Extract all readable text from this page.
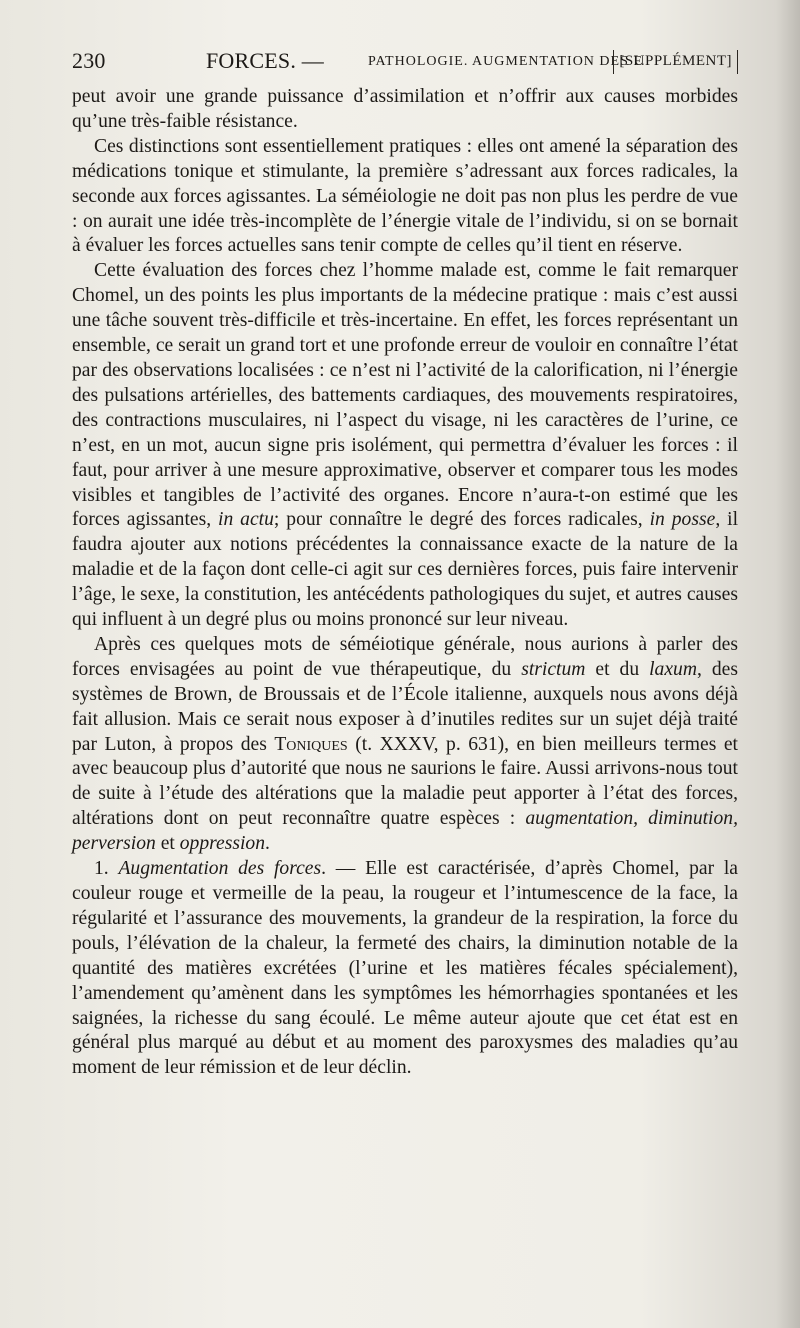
230	FORCES. —	PATHOLOGIE. AUGMENTATION DES F.
[SUPPLÉMENT]

peut avoir une grande puissance d’assimilation et n’offrir aux causes morbides qu’une très-faible résistance.

Ces distinctions sont essentiellement pratiques : elles ont amené la séparation des médications tonique et stimulante, la première s’adressant aux forces radicales, la seconde aux forces agissantes. La séméiologie ne doit pas non plus les perdre de vue : on aurait une idée très-incomplète de l’énergie vitale de l’individu, si on se bornait à évaluer les forces actuelles sans tenir compte de celles qu’il tient en réserve.

Cette évaluation des forces chez l’homme malade est, comme le fait remarquer Chomel, un des points les plus importants de la médecine pratique : mais c’est aussi une tâche souvent très-difficile et très-incertaine. En effet, les forces représentant un ensemble, ce serait un grand tort et une profonde erreur de vouloir en connaître l’état par des observations localisées : ce n’est ni l’activité de la calorification, ni l’énergie des pulsations artérielles, des battements cardiaques, des mouvements respiratoires, des contractions musculaires, ni l’aspect du visage, ni les caractères de l’urine, ce n’est, en un mot, aucun signe pris isolément, qui permettra d’évaluer les forces : il faut, pour arriver à une mesure approximative, observer et comparer tous les modes visibles et tangibles de l’activité des organes. Encore n’aura-t-on estimé que les forces agissantes, in actu; pour connaître le degré des forces radicales, in posse, il faudra ajouter aux notions précédentes la connaissance exacte de la nature de la maladie et de la façon dont celle-ci agit sur ces dernières forces, puis faire intervenir l’âge, le sexe, la constitution, les antécédents pathologiques du sujet, et autres causes qui influent à un degré plus ou moins prononcé sur leur niveau.

Après ces quelques mots de séméiotique générale, nous aurions à parler des forces envisagées au point de vue thérapeutique, du strictum et du laxum, des systèmes de Brown, de Broussais et de l’École italienne, auxquels nous avons déjà fait allusion. Mais ce serait nous exposer à d’inutiles redites sur un sujet déjà traité par Luton, à propos des Toniques (t. XXXV, p. 631), en bien meilleurs termes et avec beaucoup plus d’autorité que nous ne saurions le faire. Aussi arrivons-nous tout de suite à l’étude des altérations que la maladie peut apporter à l’état des forces, altérations dont on peut reconnaître quatre espèces : augmentation, diminution, perversion et oppression.

1. Augmentation des forces. — Elle est caractérisée, d’après Chomel, par la couleur rouge et vermeille de la peau, la rougeur et l’intumescence de la face, la régularité et l’assurance des mouvements, la grandeur de la respiration, la force du pouls, l’élévation de la chaleur, la fermeté des chairs, la diminution notable de la quantité des matières excrétées (l’urine et les matières fécales spécialement), l’amendement qu’amènent dans les symptômes les hémorrhagies spontanées et les saignées, la richesse du sang écoulé. Le même auteur ajoute que cet état est en général plus marqué au début et au moment des paroxysmes des maladies qu’au moment de leur rémission et de leur déclin.
